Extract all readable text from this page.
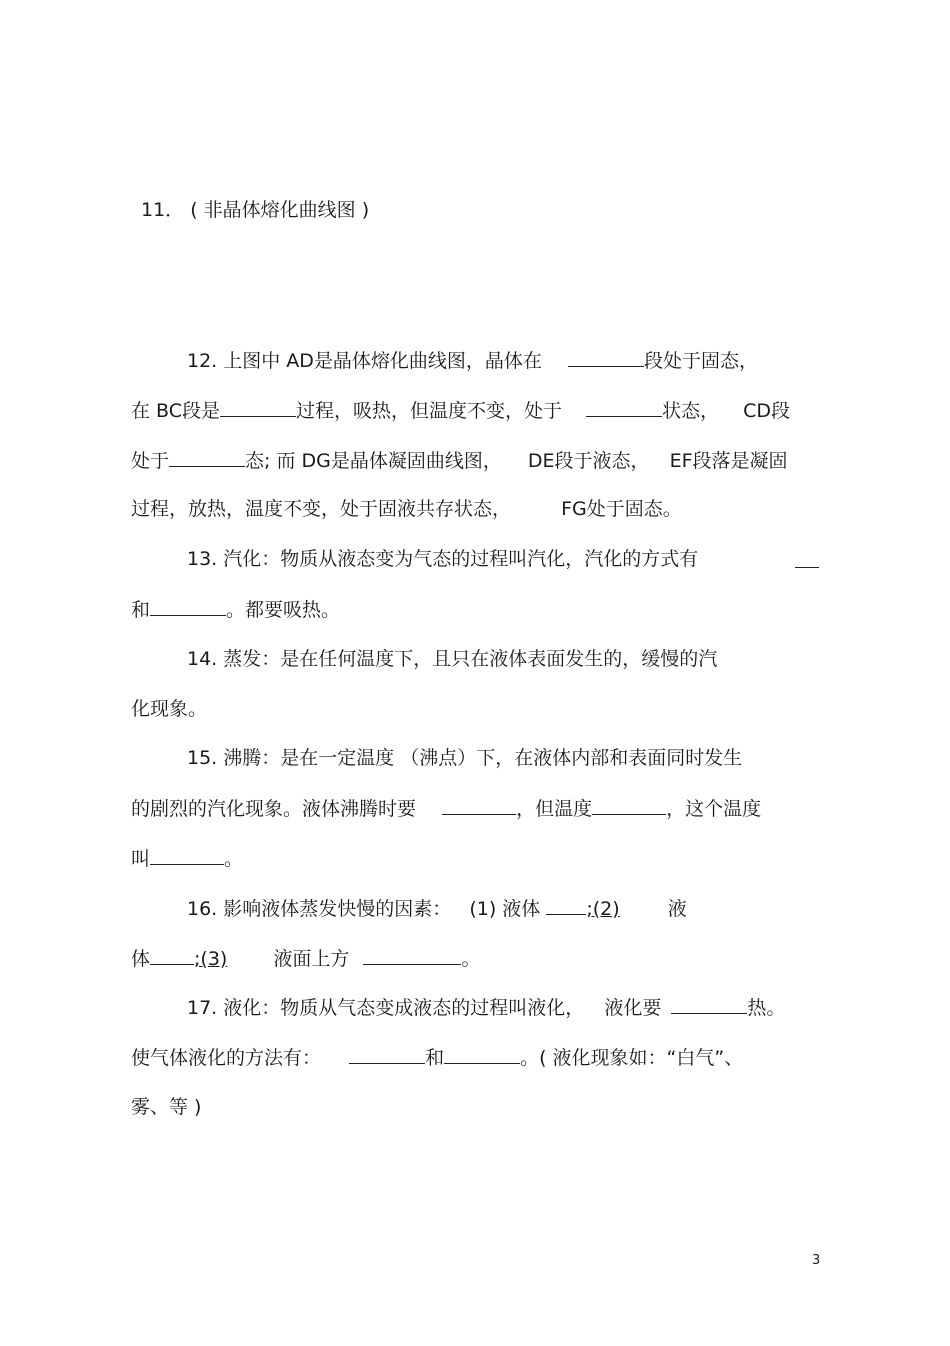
11． ( 非晶体熔化曲线图 )
12. 上图中 AD是晶体熔化曲线图，晶体在	段处于固态，
在 BC段是	过程，吸热，但温度不变，处于	状态， CD段
处于	态; 而 DG是晶体凝固曲线图， DE段于液态， EF段落是凝固
过程，放热，温度不变，处于固液共存状态，	FG处于固态。
13. 汽化：物质从液态变为气态的过程叫汽化，汽化的方式有
和	。都要吸热。
14. 蒸发：是在任何温度下，且只在液体表面发生的，缓慢的汽
化现象。
15. 沸腾：是在一定温度 （沸点）下，在液体内部和表面同时发生
的剧烈的汽化现象。液体沸腾时要	，但温度	，这个温度
叫	。
16. 影响液体蒸发快慢的因素： (1) 液体 ;(2)	液
体 ;(3) 液面上方	。
17. 液化：物质从气态变成液态的过程叫液化， 液化要	热。
使气体液化的方法有：	和	。( 液化现象如：“白气”、
雾、等 )
3
